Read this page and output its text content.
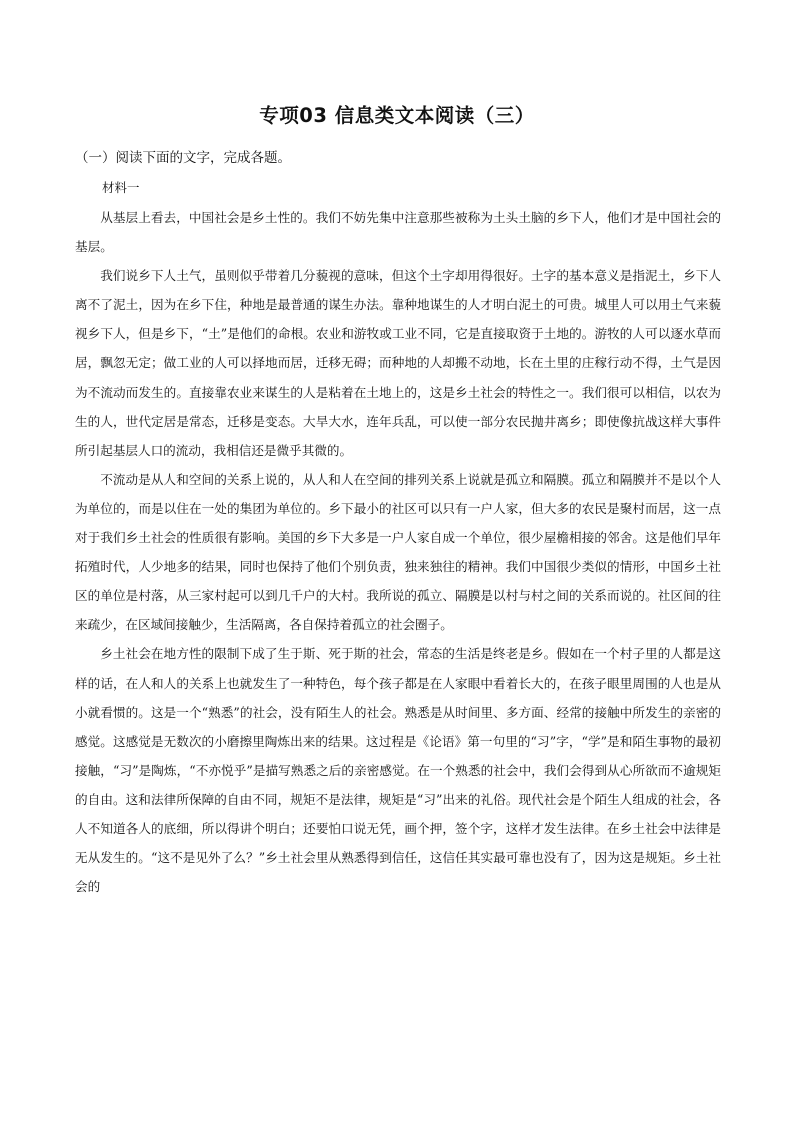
专项03 信息类文本阅读（三）
（一）阅读下面的文字，完成各题。
材料一

从基层上看去，中国社会是乡土性的。我们不妨先集中注意那些被称为土头土脑的乡下人，他们才是中国社会的基层。

我们说乡下人土气，虽则似乎带着几分藐视的意味，但这个土字却用得很好。土字的基本意义是指泥土，乡下人离不了泥土，因为在乡下住，种地是最普通的谋生办法。靠种地谋生的人才明白泥土的可贵。城里人可以用土气来藐视乡下人，但是乡下，“土”是他们的命根。农业和游牧或工业不同，它是直接取资于土地的。游牧的人可以逐水草而居，飘忽无定；做工业的人可以择地而居，迁移无碍；而种地的人却搬不动地，长在土里的庄稼行动不得，土气是因为不流动而发生的。直接靠农业来谋生的人是粘着在土地上的，这是乡土社会的特性之一。我们很可以相信，以农为生的人，世代定居是常态，迁移是变态。大旱大水，连年兵乱，可以使一部分农民抛井离乡；即使像抗战这样大事件所引起基层人口的流动，我相信还是微乎其微的。

不流动是从人和空间的关系上说的，从人和人在空间的排列关系上说就是孤立和隔膜。孤立和隔膜并不是以个人为单位的，而是以住在一处的集团为单位的。乡下最小的社区可以只有一户人家，但大多的农民是聚村而居，这一点对于我们乡土社会的性质很有影响。美国的乡下大多是一户人家自成一个单位，很少屋檐相接的邻舍。这是他们早年拓殖时代，人少地多的结果，同时也保持了他们个别负责，独来独往的精神。我们中国很少类似的情形，中国乡土社区的单位是村落，从三家村起可以到几千户的大村。我所说的孤立、隔膜是以村与村之间的关系而说的。社区间的往来疏少，在区域间接触少，生活隔离，各自保持着孤立的社会圈子。

乡土社会在地方性的限制下成了生于斯、死于斯的社会，常态的生活是终老是乡。假如在一个村子里的人都是这样的话，在人和人的关系上也就发生了一种特色，每个孩子都是在人家眼中看着长大的，在孩子眼里周围的人也是从小就看惯的。这是一个“熟悉”的社会，没有陌生人的社会。熟悉是从时间里、多方面、经常的接触中所发生的亲密的感觉。这感觉是无数次的小磨擦里陶炼出来的结果。这过程是《论语》第一句里的“习”字，“学”是和陌生事物的最初接触，“习”是陶炼，“不亦悦乎”是描写熟悉之后的亲密感觉。在一个熟悉的社会中，我们会得到从心所欲而不逾规矩的自由。这和法律所保障的自由不同，规矩不是法律，规矩是“习”出来的礼俗。现代社会是个陌生人组成的社会，各人不知道各人的底细，所以得讲个明白；还要怕口说无凭，画个押，签个字，这样才发生法律。在乡土社会中法律是无从发生的。“这不是见外了么？”乡土社会里从熟悉得到信任，这信任其实最可靠也没有了，因为这是规矩。乡土社会的
